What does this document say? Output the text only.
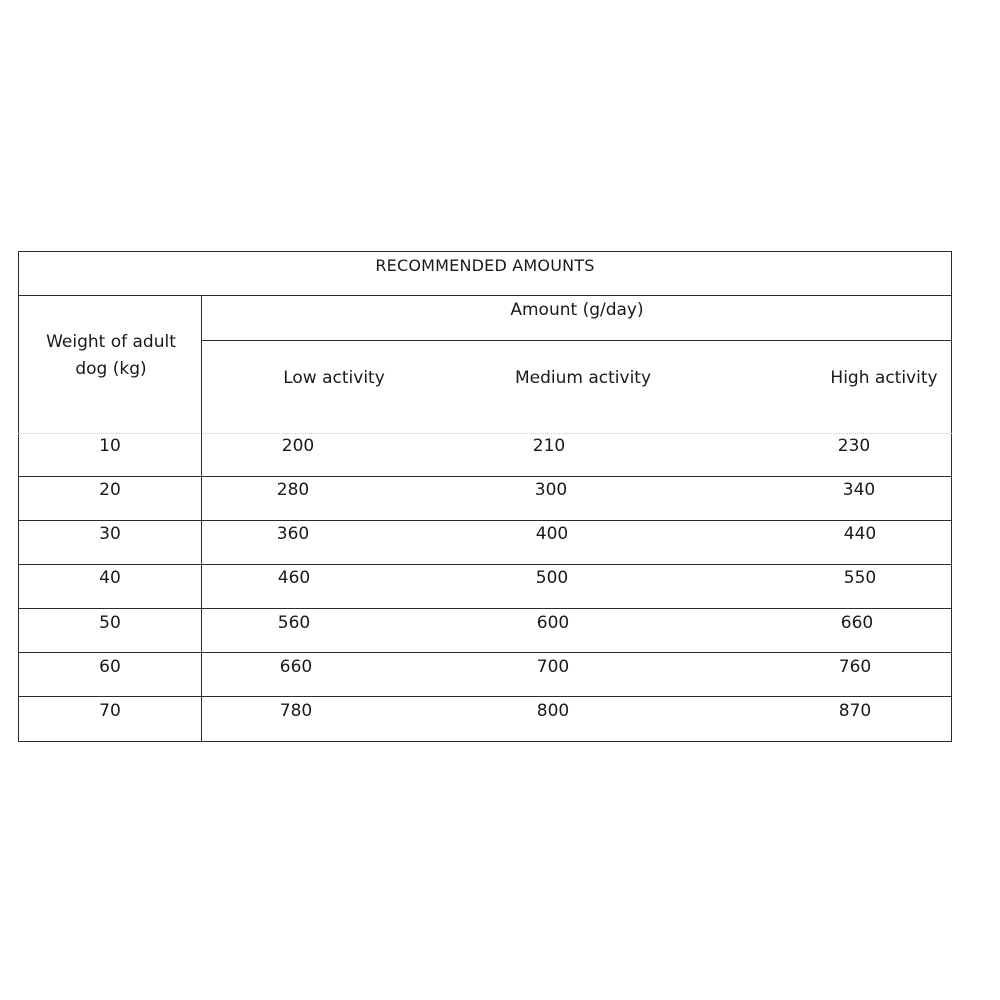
RECOMMENDED AMOUNTS
Amount (g/day)
Weight of adult
dog (kg)	Low activity	Medium activity	High activity
10	200	210	230
20	280	300	340
30	360	400	440
40	460	500	550
50	560	600	660
60	660	700	760
70	780	800	870
